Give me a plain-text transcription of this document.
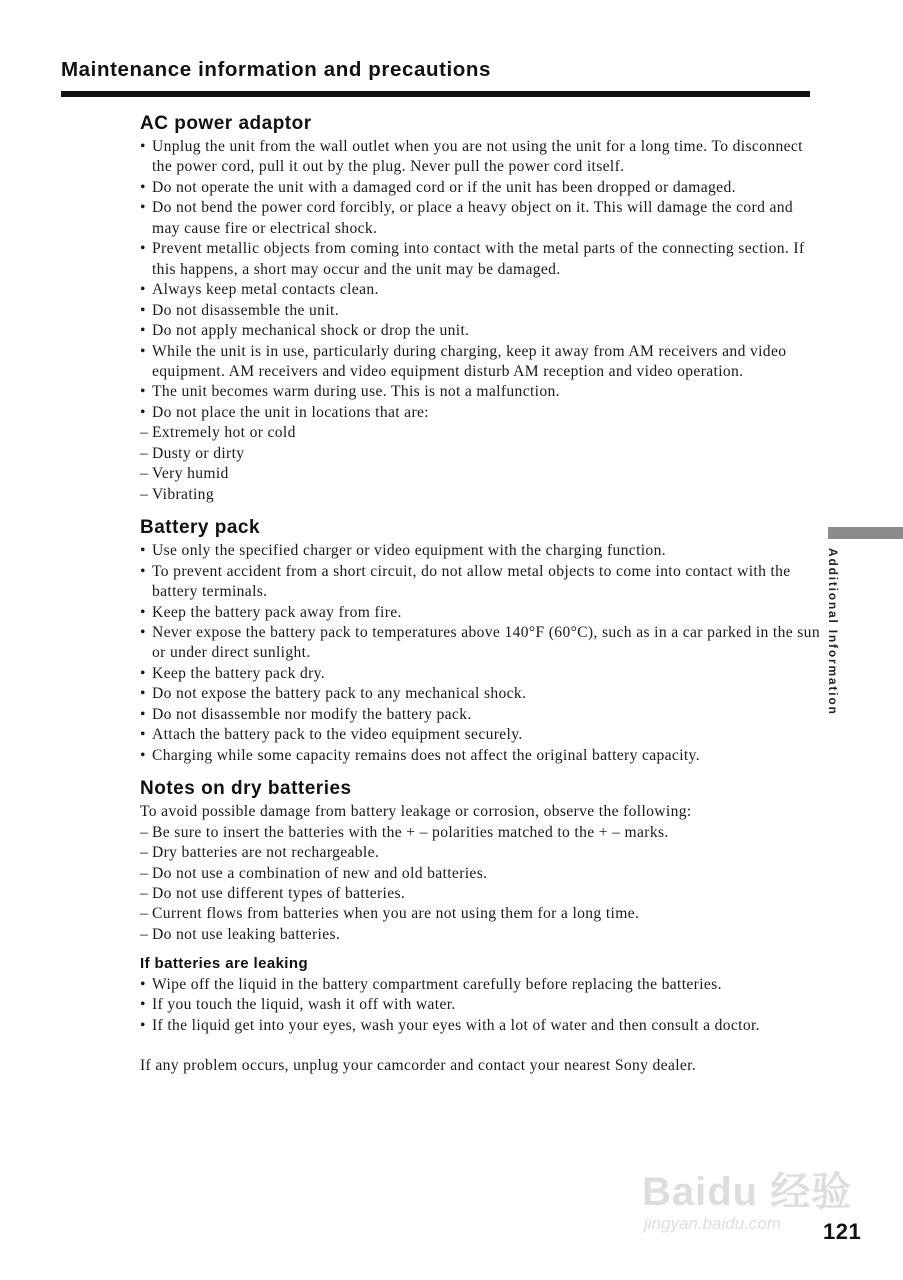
Maintenance information and precautions
AC power adaptor
• Unplug the unit from the wall outlet when you are not using the unit for a long time. To disconnect the power cord, pull it out by the plug. Never pull the power cord itself.
• Do not operate the unit with a damaged cord or if the unit has been dropped or damaged.
• Do not bend the power cord forcibly, or place a heavy object on it. This will damage the cord and may cause fire or electrical shock.
• Prevent metallic objects from coming into contact with the metal parts of the connecting section. If this happens, a short may occur and the unit may be damaged.
• Always keep metal contacts clean.
• Do not disassemble the unit.
• Do not apply mechanical shock or drop the unit.
• While the unit is in use, particularly during charging, keep it away from AM receivers and video equipment. AM receivers and video equipment disturb AM reception and video operation.
• The unit becomes warm during use. This is not a malfunction.
• Do not place the unit in locations that are:
– Extremely hot or cold
– Dusty or dirty
– Very humid
– Vibrating
Battery pack
• Use only the specified charger or video equipment with the charging function.
• To prevent accident from a short circuit, do not allow metal objects to come into contact with the battery terminals.
• Keep the battery pack away from fire.
• Never expose the battery pack to temperatures above 140°F (60°C), such as in a car parked in the sun or under direct sunlight.
• Keep the battery pack dry.
• Do not expose the battery pack to any mechanical shock.
• Do not disassemble nor modify the battery pack.
• Attach the battery pack to the video equipment securely.
• Charging while some capacity remains does not affect the original battery capacity.
Notes on dry batteries

To avoid possible damage from battery leakage or corrosion, observe the following:

– Be sure to insert the batteries with the + – polarities matched to the + – marks.
– Dry batteries are not rechargeable.
– Do not use a combination of new and old batteries.
– Do not use different types of batteries.
– Current flows from batteries when you are not using them for a long time.
– Do not use leaking batteries.
If batteries are leaking
• Wipe off the liquid in the battery compartment carefully before replacing the batteries.
• If you touch the liquid, wash it off with water.
• If the liquid get into your eyes, wash your eyes with a lot of water and then consult a doctor.

If any problem occurs, unplug your camcorder and contact your nearest Sony dealer.

Additional Information
Baidu 经验
jingyan.baidu.com 121
